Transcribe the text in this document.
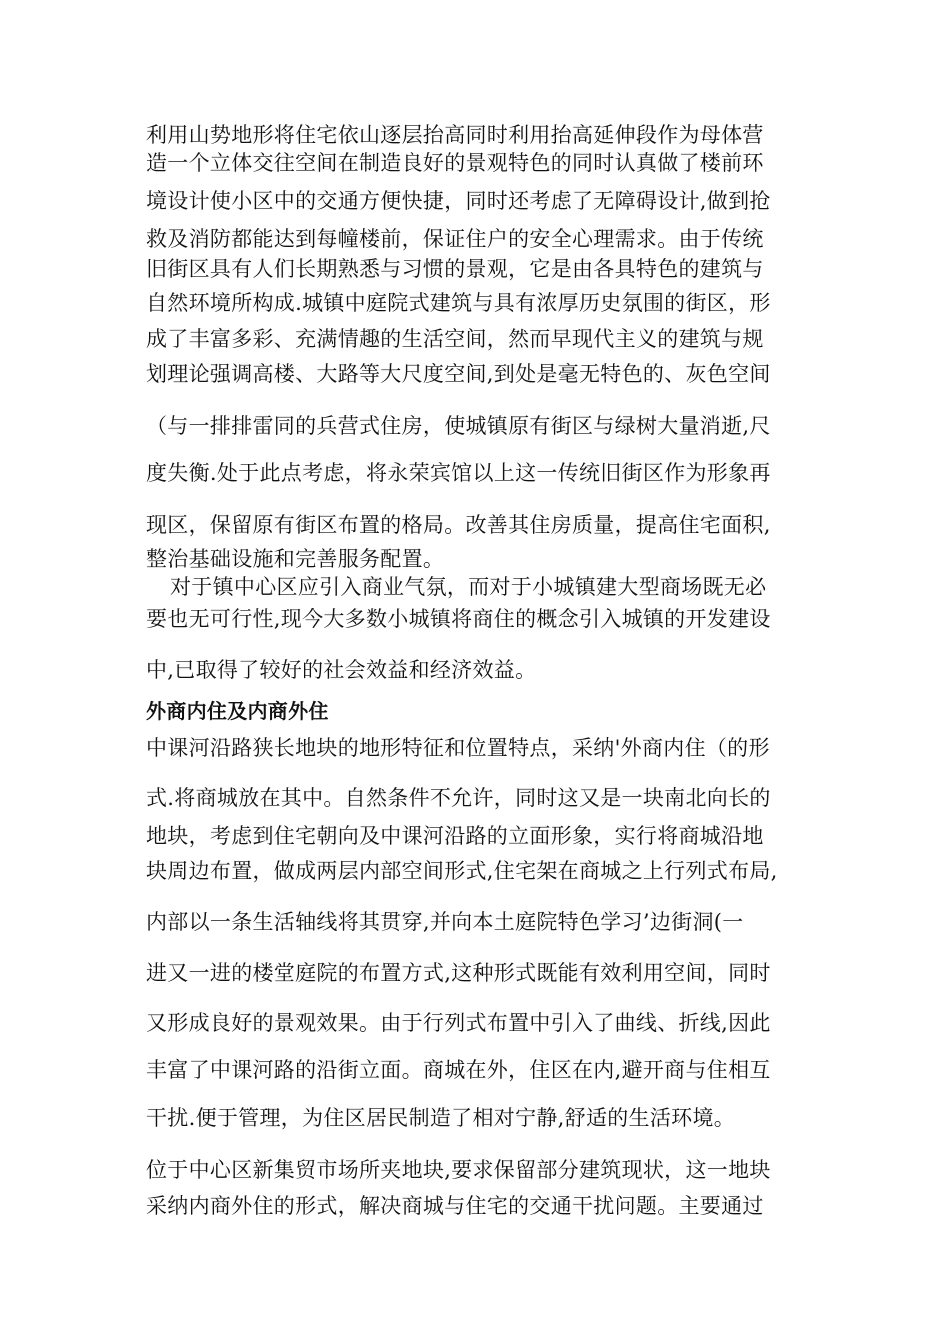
利用山势地形将住宅依山逐层抬高同时利用抬高延伸段作为母体营
造一个立体交往空间在制造良好的景观特色的同时认真做了楼前环
境设计使小区中的交通方便快捷，同时还考虑了无障碍设计,做到抢
救及消防都能达到每幢楼前，保证住户的安全心理需求。由于传统
旧街区具有人们长期熟悉与习惯的景观，它是由各具特色的建筑与
自然环境所构成.城镇中庭院式建筑与具有浓厚历史氛围的街区，形
成了丰富多彩、充满情趣的生活空间，然而早现代主义的建筑与规
划理论强调高楼、大路等大尺度空间,到处是毫无特色的、灰色空间
（与一排排雷同的兵营式住房，使城镇原有街区与绿树大量消逝,尺
度失衡.处于此点考虑，将永荣宾馆以上这一传统旧街区作为形象再
现区，保留原有街区布置的格局。改善其住房质量，提高住宅面积,
整治基础设施和完善服务配置。
对于镇中心区应引入商业气氛，而对于小城镇建大型商场既无必
要也无可行性,现今大多数小城镇将商住的概念引入城镇的开发建设
中,已取得了较好的社会效益和经济效益。
外商内住及内商外住
中课河沿路狭长地块的地形特征和位置特点，采纳'外商内住（的形
式.将商城放在其中。自然条件不允许，同时这又是一块南北向长的
地块，考虑到住宅朝向及中课河沿路的立面形象，实行将商城沿地
块周边布置，做成两层内部空间形式,住宅架在商城之上行列式布局,
内部以一条生活轴线将其贯穿,并向本土庭院特色学习’边街洞(一
进又一进的楼堂庭院的布置方式,这种形式既能有效利用空间，同时
又形成良好的景观效果。由于行列式布置中引入了曲线、折线,因此
丰富了中课河路的沿街立面。商城在外，住区在内,避开商与住相互
干扰.便于管理，为住区居民制造了相对宁静,舒适的生活环境。
位于中心区新集贸市场所夹地块,要求保留部分建筑现状，这一地块
采纳内商外住的形式，解决商城与住宅的交通干扰问题。主要通过
